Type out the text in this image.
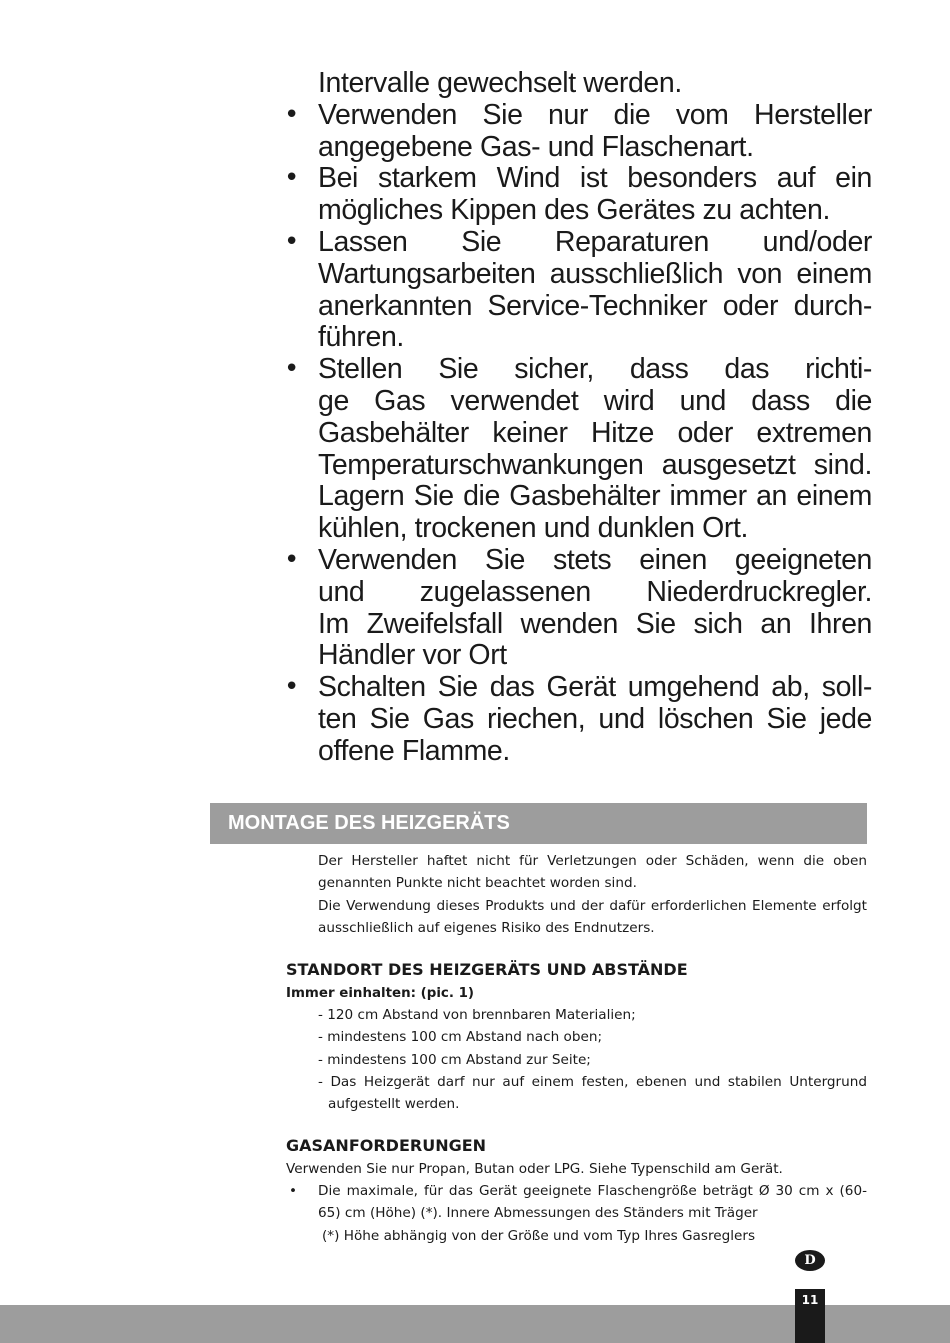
Intervalle gewechselt werden.

• Verwenden Sie nur die vom Hersteller

angegebene Gas- und Flaschenart.

• Bei starkem Wind ist besonders auf ein

mögliches Kippen des Gerätes zu achten.

• Lassen Sie Reparaturen und/oder

Wartungsarbeiten ausschließlich von einem

anerkannten Service-Techniker oder durch-

führen.

• Stellen Sie sicher, dass das richti-

ge Gas verwendet wird und dass die

Gasbehälter keiner Hitze oder extremen

Temperaturschwankungen ausgesetzt sind.

Lagern Sie die Gasbehälter immer an einem

kühlen, trockenen und dunklen Ort.

• Verwenden Sie stets einen geeigneten

und zugelassenen Niederdruckregler.

Im Zweifelsfall wenden Sie sich an Ihren

Händler vor Ort

• Schalten Sie das Gerät umgehend ab, soll-

ten Sie Gas riechen, und löschen Sie jede

offene Flamme.

MONTAGE DES HEIZGERÄTS

Der Hersteller haftet nicht für Verletzungen oder Schäden, wenn die oben genannten Punkte nicht beachtet worden sind.

Die Verwendung dieses Produkts und der dafür erforderlichen Elemente erfolgt ausschließlich auf eigenes Risiko des Endnutzers.

STANDORT DES HEIZGERÄTS UND ABSTÄNDE

Immer einhalten: (pic. 1)

- 120 cm Abstand von brennbaren Materialien;
- mindestens 100 cm Abstand nach oben;
- mindestens 100 cm Abstand zur Seite;
- Das Heizgerät darf nur auf einem festen, ebenen und stabilen Untergrund
aufgestellt werden.
GASANFORDERUNGEN

Verwenden Sie nur Propan, Butan oder LPG. Siehe Typenschild am Gerät.

• Die maximale, für das Gerät geeignete Flaschengröße beträgt Ø 30 cm x (60-65) cm (Höhe) (*). Innere Abmessungen des Ständers mit Träger

(*) Höhe abhängig von der Größe und vom Typ Ihres Gasreglers

D
11
